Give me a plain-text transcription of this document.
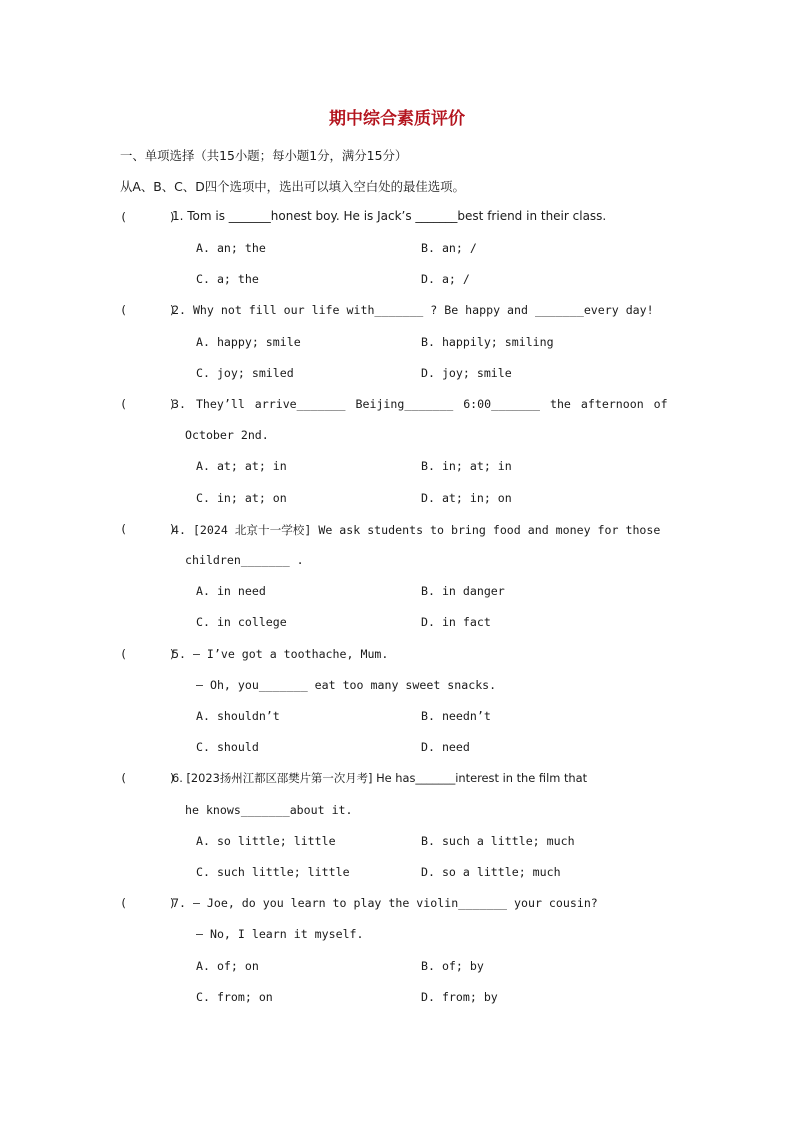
期中综合素质评价
一、单项选择（共15小题；每小题1分，满分15分）
从A、B、C、D四个选项中，选出可以填入空白处的最佳选项。
(      )
1. Tom is _______honest boy. He is Jack’s _______best friend in their class.
A. an; the	B. an; /
C. a; the	D. a; /
(      )
2. Why not fill our life with_______ ? Be happy and _______every day!
A. happy; smile	B. happily; smiling
C. joy; smiled	D. joy; smile
(      )
3. They’ll arrive_______ Beijing_______ 6:00_______ the afternoon of
October 2nd.
A. at; at; in	B. in; at; in
C. in; at; on	D. at; in; on
(      )
4. [2024 北京十一学校] We ask students to bring food and money for those
children_______ .
A. in need	B. in danger
C. in college	D. in fact
(      )
5. — I’ve got a toothache, Mum.
— Oh, you_______ eat too many sweet snacks.
A. shouldn’t	B. needn’t
C. should	D. need
(      )
6. [2023扬州江都区邵樊片第一次月考] He has_______interest in the film that
he knows_______about it.
A. so little; little	B. such a little; much
C. such little; little	D. so a little; much
(      )
7. — Joe, do you learn to play the violin_______ your cousin?
— No, I learn it myself.
A. of; on	B. of; by
C. from; on	D. from; by
